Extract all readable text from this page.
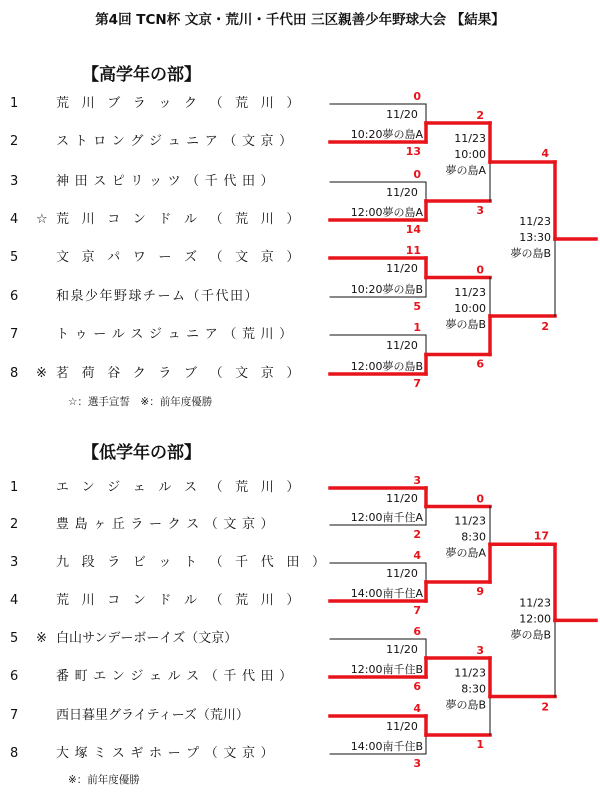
第4回 TCN杯 文京・荒川・千代田 三区親善少年野球大会 【結果】
【高学年の部】
1	荒 川 ブ ラ ッ ク （ 荒 川 ）
2	ス ト ロ ン グ ジ ュ ニ ア （ 文 京 ）
3	神 田 ス ピ リ ッ ツ （ 千 代 田 ）
4 ☆ 荒 川 コ ン ド ル （ 荒 川 ）
5	文 京 パ ワ ー ズ （ 文 京 ）
6	和泉少年野球チーム（千代田）
7	ト ゥ ー ル ス ジ ュ ニ ア （ 荒 川 ）
8 ※ 茗 荷 谷 ク ラ ブ （ 文 京 ）
☆：選手宣誓　※：前年度優勝
【低学年の部】
1	エ ン ジ ェ ル ス （ 荒 川 ）
2	豊 島 ヶ 丘 ラ ー ク ス （ 文 京 ）
3	九 段 ラ ビ ッ ト （ 千 代 田 ）
4	荒 川 コ ン ド ル （ 荒 川 ）
5 ※ 白山サンデーボーイズ（文京）
6	番 町 エ ン ジ ェ ル ス （ 千 代 田 ）
7	西日暮里グライティーズ（荒川）
8	大 塚 ミ ス ギ ホ ー プ （ 文 京 ）
※：前年度優勝
0
13
11/20
10:20夢の島A
0
14
11/20
12:00夢の島A
11
5
11/20
10:20夢の島B
1
7
11/20
12:00夢の島B
2
3
11/23
10:00
夢の島A
0
6
11/23
10:00
夢の島B
4
2
11/23
13:30
夢の島B
3
2
11/20
12:00南千住A
4
7
11/20
14:00南千住A
6
6
11/20
12:00南千住B
4
3
11/20
14:00南千住B
0
9
11/23
8:30
夢の島A
3
1
11/23
8:30
夢の島B
17
2
11/23
12:00
夢の島B
